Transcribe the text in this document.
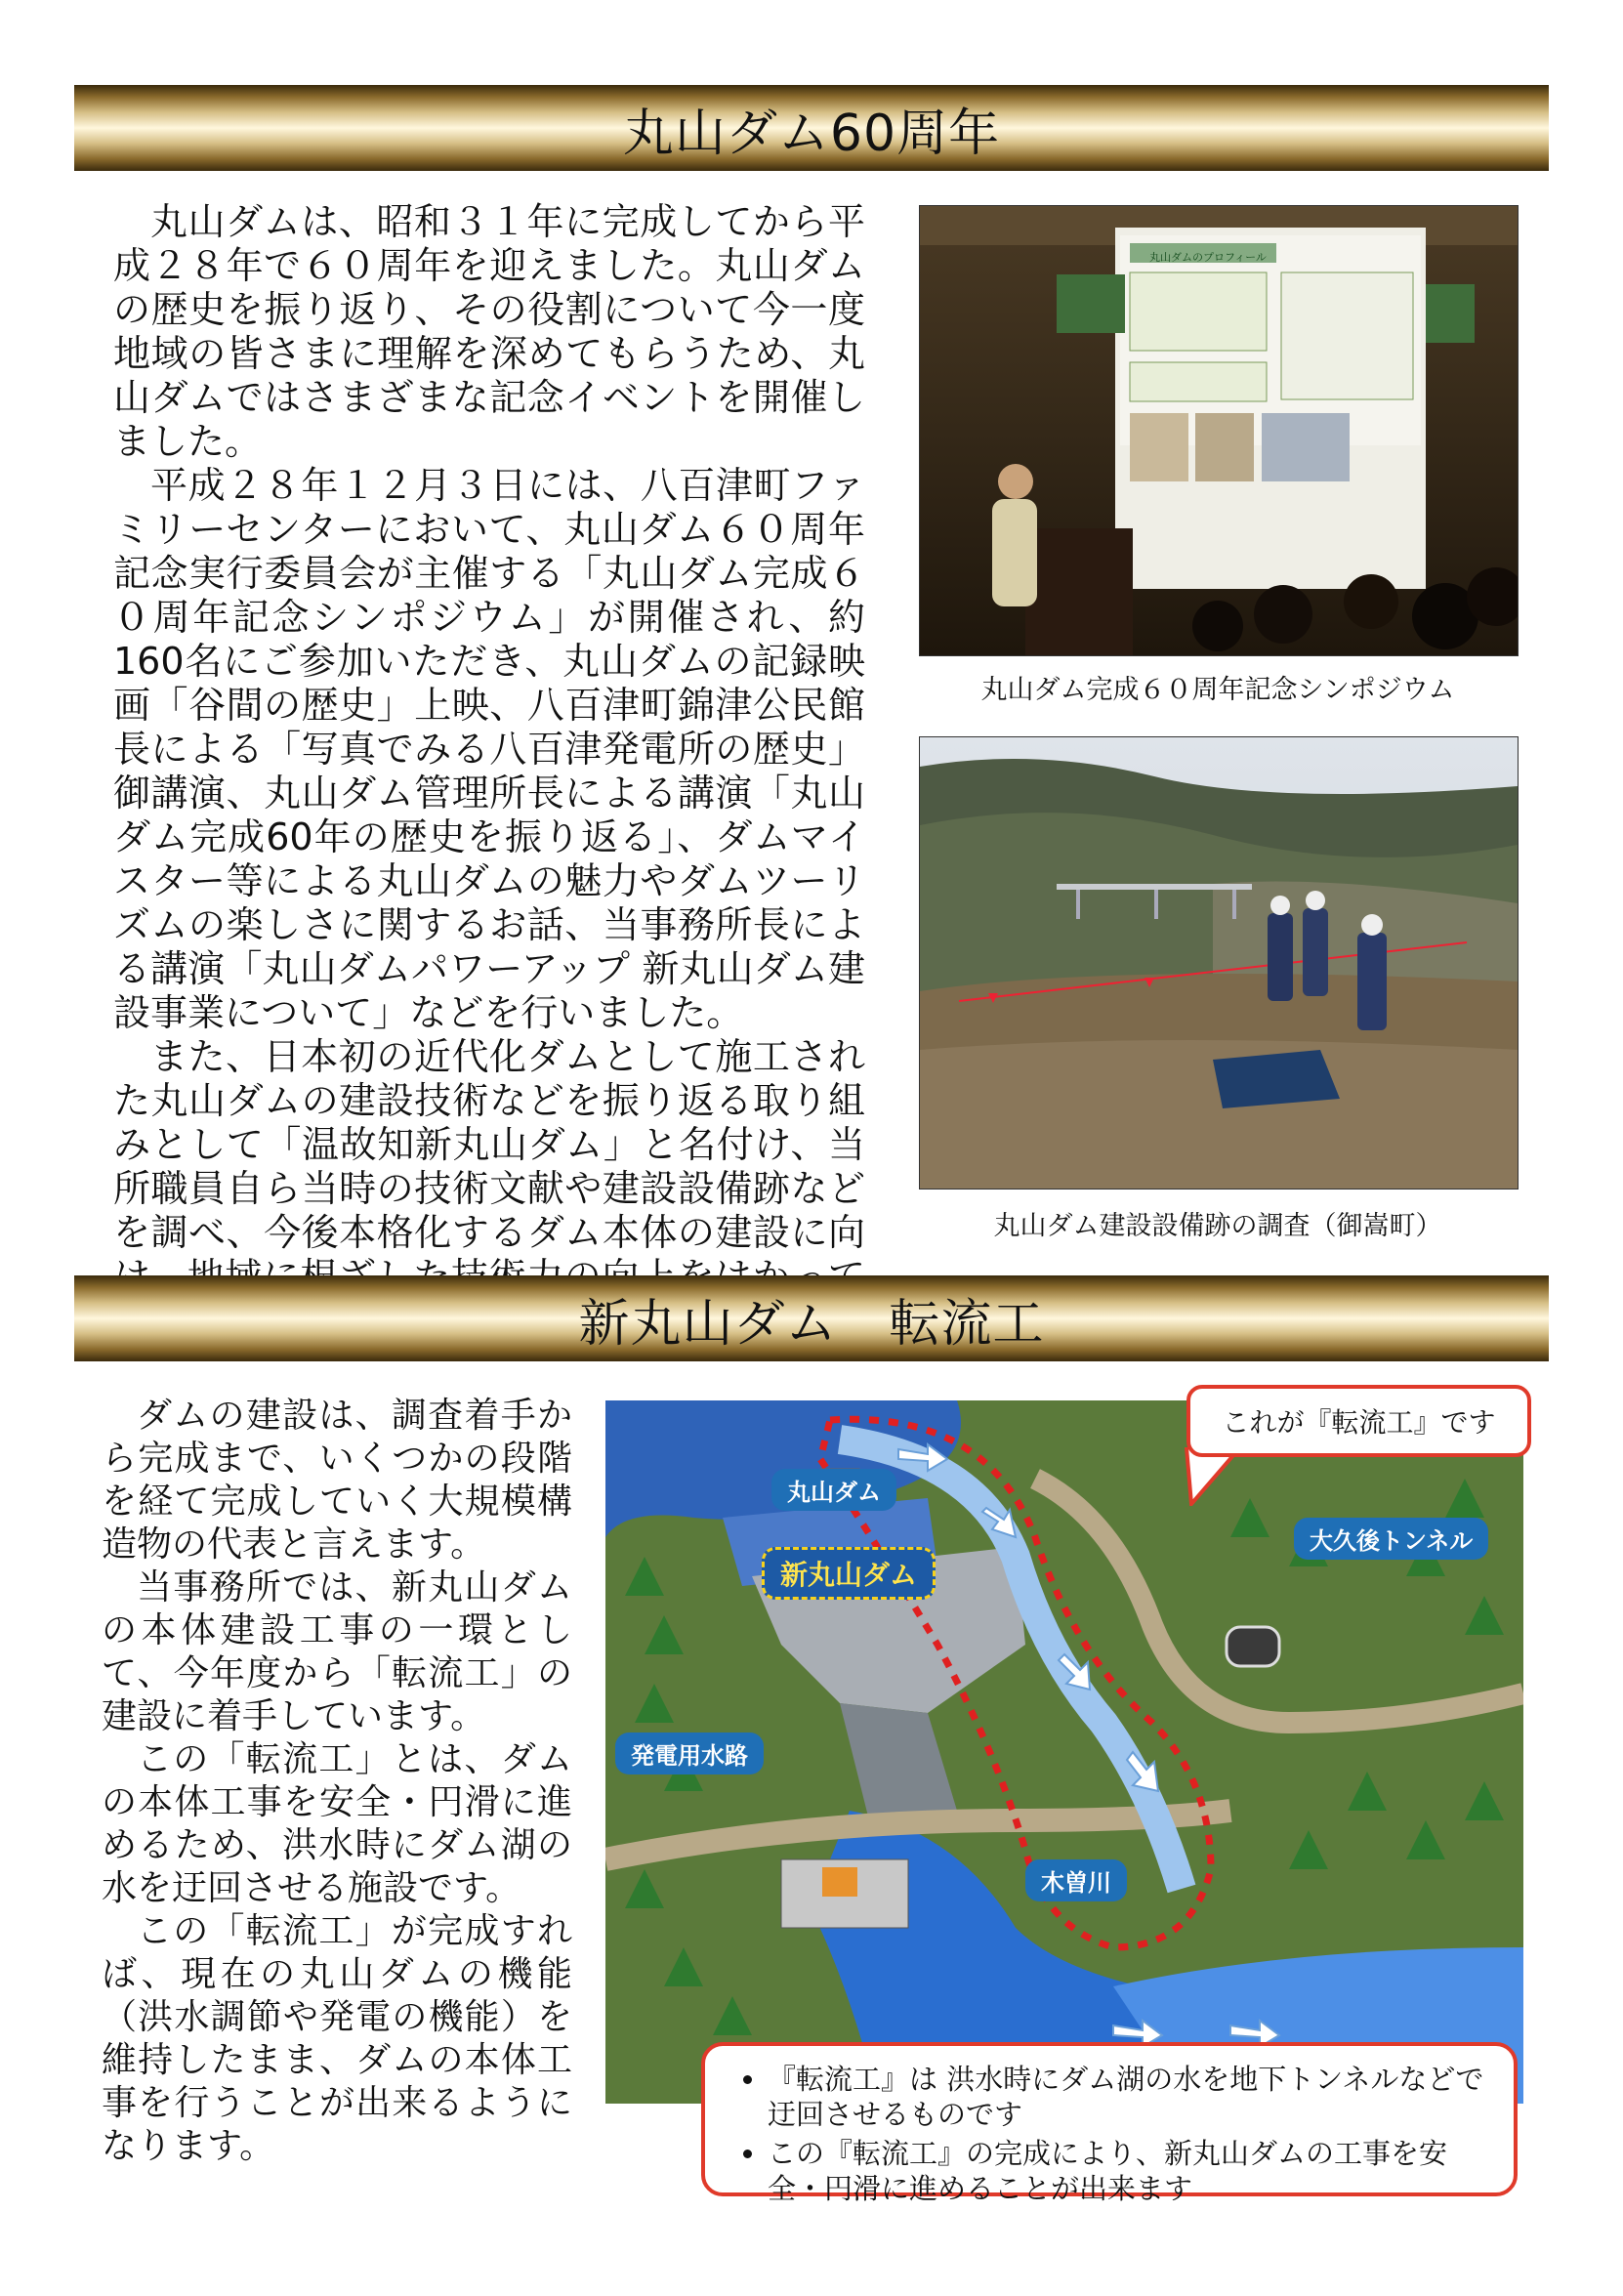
丸山ダム60周年

丸山ダムは、昭和３１年に完成してから平成２８年で６０周年を迎えました。丸山ダムの歴史を振り返り、その役割について今一度地域の皆さまに理解を深めてもらうため、丸山ダムではさまざまな記念イベントを開催しました。

平成２８年１２月３日には、八百津町ファミリーセンターにおいて、丸山ダム６０周年記念実行委員会が主催する「丸山ダム完成６０周年記念シンポジウム」が開催され、約160名にご参加いただき、丸山ダムの記録映画「谷間の歴史」上映、八百津町錦津公民館長による「写真でみる八百津発電所の歴史」御講演、丸山ダム管理所長による講演「丸山ダム完成60年の歴史を振り返る」、ダムマイスター等による丸山ダムの魅力やダムツーリズムの楽しさに関するお話、当事務所長による講演「丸山ダムパワーアップ 新丸山ダム建設事業について」などを行いました。

また、日本初の近代化ダムとして施工された丸山ダムの建設技術などを振り返る取り組みとして「温故知新丸山ダム」と名付け、当所職員自ら当時の技術文献や建設設備跡などを調べ、今後本格化するダム本体の建設に向

丸山ダムのプロフィール
丸山ダム完成６０周年記念シンポジウム
丸山ダム建設設備跡の調査（御嵩町）
新丸山ダム　転流工

ダムの建設は、調査着手から完成まで、いくつかの段階を経て完成していく大規模構造物の代表と言えます。

当事務所では、新丸山ダムの本体建設工事の一環として、今年度から「転流工」の建設に着手しています。

この「転流工」とは、ダムの本体工事を安全・円滑に進めるため、洪水時にダム湖の水を迂回させる施設です。

この「転流工」が完成すれば、現在の丸山ダムの機能（洪水調節や発電の機能）を維持したまま、ダムの本体工事を行うことが出来るようになります。

丸山ダム
新丸山ダム
大久後トンネル
発電用水路
木曽川
これが『転流工』です
• 『転流工』は 洪水時にダム湖の水を地下トンネルなどで迂回させるものです
• この『転流工』の完成により、新丸山ダムの工事を安全・円滑に進めることが出来ます
